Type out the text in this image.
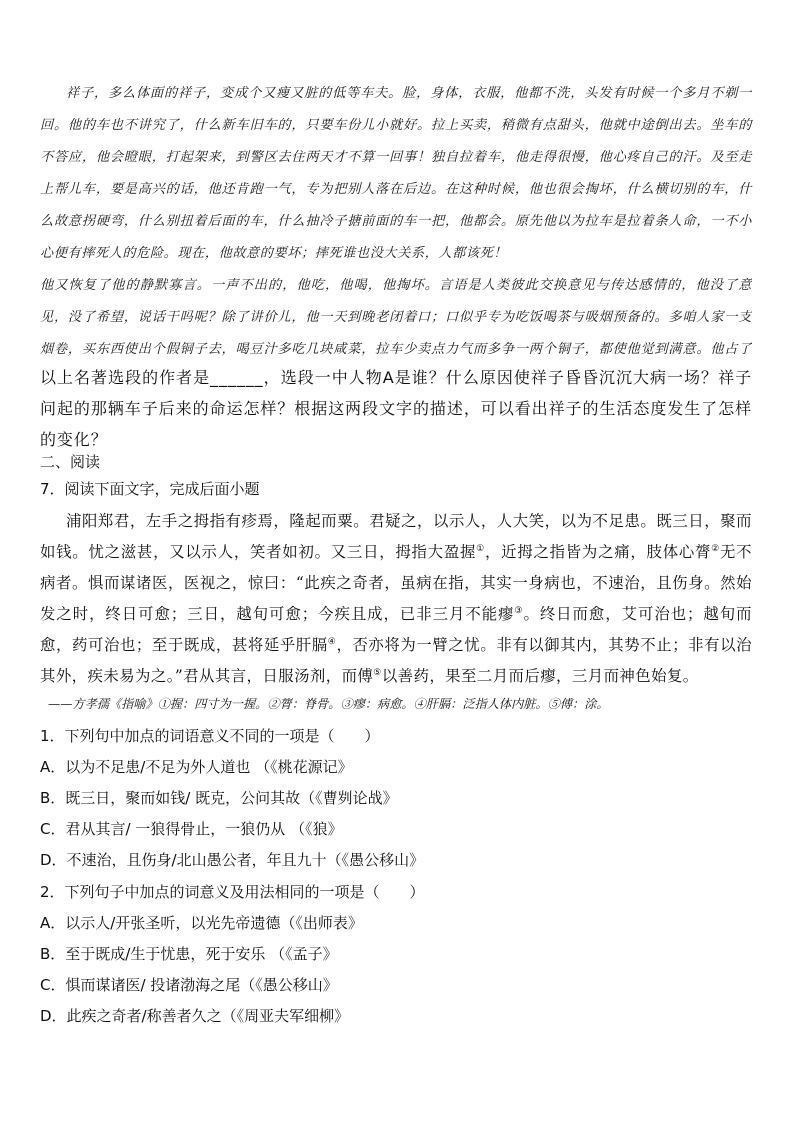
祥子，多么体面的祥子，变成个又瘦又脏的低等车夫。脸，身体，衣服，他都不洗，头发有时候一个多月不剃一回。他的车也不讲究了，什么新车旧车的，只要车份儿小就好。拉上买卖，稍微有点甜头，他就中途倒出去。坐车的不答应，他会瞪眼，打起架来，到警区去住两天才不算一回事！独自拉着车，他走得很慢，他心疼自己的汗。及至走上帮儿车，要是高兴的话，他还肯跑一气，专为把别人落在后边。在这种时候，他也很会掏坏，什么横切别的车，什么故意拐硬弯，什么别扭着后面的车，什么抽冷子搪前面的车一把，他都会。原先他以为拉车是拉着条人命，一不小心便有摔死人的危险。现在，他故意的要坏；摔死谁也没大关系，人都该死！

他又恢复了他的静默寡言。一声不出的，他吃，他喝，他掏坏。言语是人类彼此交换意见与传达感情的，他没了意见，没了希望，说话干吗呢？除了讲价儿，他一天到晚老闭着口；口似乎专为吃饭喝茶与吸烟预备的。多咱人家一支烟卷，买东西使出个假铜子去，喝豆汁多吃几块咸菜，拉车少卖点力气而多争一两个铜子，都使他觉到满意。他占了

以上名著选段的作者是______，选段一中人物A是谁？什么原因使祥子昏昏沉沉大病一场？祥子问起的那辆车子后来的命运怎样？根据这两段文字的描述，可以看出祥子的生活态度发生了怎样的变化？

二、阅读

7．阅读下面文字，完成后面小题

浦阳郑君，左手之拇指有疹焉，隆起而粟。君疑之，以示人，人大笑，以为不足患。既三日，聚而如钱。忧之滋甚，又以示人，笑者如初。又三日，拇指大盈握①，近拇之指皆为之痛，肢体心膂②无不病者。惧而谋诸医，医视之，惊曰：“此疾之奇者，虽病在指，其实一身病也，不速治，且伤身。然始发之时，终日可愈；三日，越旬可愈；今疾且成，已非三月不能瘳③。终日而愈，艾可治也；越旬而愈，药可治也；至于既成，甚将延乎肝膈④，否亦将为一臂之忧。非有以御其内，其势不止；非有以治其外，疾未易为之。”君从其言，日服汤剂，而傅⑤以善药，果至二月而后瘳，三月而神色始复。

——方孝孺《指喻》①握：四寸为一握。②膂：脊骨。③瘳：病愈。④肝膈：泛指人体内脏。⑤傅：涂。

1．下列句中加点的词语意义不同的一项是（　　）

A．以为不足患/不足为外人道也 （《桃花源记》

B．既三日，聚而如钱/ 既克，公问其故（《曹刿论战》

C．君从其言/ 一狼得骨止，一狼仍从 （《狼》

D．不速治，且伤身/北山愚公者，年且九十（《愚公移山》

2．下列句子中加点的词意义及用法相同的一项是（　　）

A．以示人/开张圣听，以光先帝遗德（《出师表》

B．至于既成/生于忧患，死于安乐 （《孟子》

C．惧而谋诸医/ 投诸渤海之尾（《愚公移山》

D．此疾之奇者/称善者久之（《周亚夫军细柳》
